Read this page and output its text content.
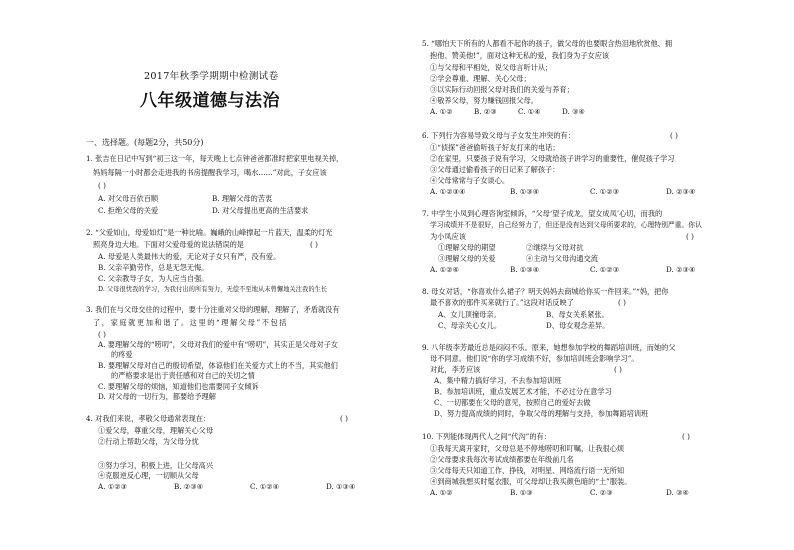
2017年秋季学期期中检测试卷
八年级道德与法治
一、选择题。(每题2分，共50分)
1. 张吉在日记中写到“初三这一年，每天晚上七点钟爸爸都准时把家里电视关掉，
妈妈每隔一小时都会走进我的书房提醒我学习，喝水……”对此，子女应该
( )
A. 对父母百依百顺	B. 理解父母的苦衷
C. 拒绝父母的关爱	D. 对父母提出更高的生活要求
2. “父爱如山，母爱如灯”是一种比喻。巍峨的山峰撑起一片蓝天，温柔的灯光
照亮身边大地。下面对父爱母爱的说法错误的是	( )
A. 母爱是人类最伟大的爱，无论对子女只有严，没有爱。
B. 父亲辛勤劳作，总是无怨无悔。
C. 父亲教导子女，为人应当自强。
D. 父母很忧我的学习，为我付出的所有努力，无偿不至地从未曾懈地关注我的生长
3. 我们在与父母交往的过程中，要十分注重对父母的理解，理解了，矛盾就没有
了，家庭就更加和谐了。这里的“理解父母”不包括
( )
A. 要理解父母的“唠叨”，父母对我们的爱中有“唠叨”，其实正是父母对子女
的疼爱
B. 要理解父母对自己的殷切希望，体谅他们在关爱方式上的不当，其实他们
的严格要求是出于责任感和对自己的关切之情
C. 要理解父母的烦恼，知道他们也需要同子女倾诉
D. 对父母的一切行为，都要给予理解
4. 对我们来说，孝敬父母通常表现在：	( )
①爱父母，尊重父母，理解关心父母
②行动上帮助父母，为父母分忧
③努力学习，积极上进，让父母高兴
④克服逆反心理，一切顺从父母
A. ①②③	B. ②③④	C. ①②④	D. ①③④
5. “哪怕天下所有的人都看不起你的孩子，做父母的也要眼含热泪地欣赏他、拥
抱他、赞美他!”，面对这种无私的爱，我们身为子女应该
①与父母和平相处，说父母言听计从；
②学会尊重、理解、关心父母；
③以实际行动回报父母对我们的关爱与养育；
④敬养父母，努力赚钱回报父母。
A. ①②	B. ②③	C. ①④	D. ③④
6. 下列行为容易导致父母与子女发生冲突的有：	( )
①“侦探”爸爸偷听孩子好友打来的电话；
②在家里，只要孩子说有学习，父母就给孩子讲学习的重要性，催促孩子学习
③父母通过偷看孩子的日记来了解孩子：
④父母常常与子女谈心。
A. ①②③④	B. ①③④	C. ①②③	D. ②③④
7. 中学生小凤到心理咨询室倾诉，“父母‘望子成龙，望女成凤’心切，而我的
学习成绩并不是很好，自己经努力了，但还是没有达到父母所要求的，心理特别严重。你认
为小凤应该	( )
①理解父母的期望	②继续与父母对抗
③理解父母的关爱	④主动与父母沟通交流
A. ①②④	B. ①③④	C. ①②③	D. ②③④
8. 母女对话，“你喜欢什么裙子？明天妈妈去商城给你买一件回来。”“妈，把你
最不喜欢的那件买来就行了。”这段对话反映了	( )
A、女儿顶撞母亲。	B、母女关系紧张。
C、母亲关心女儿。	D、母女观念差异。
9. 八年级李芳最近总是闷闷不乐。原来，她想参加学校的舞蹈培训班，而她的父
母不同意。他们说“你的学习成绩不好，参加培训班会影响学习”。
对此，李芳应该	( )
A、集中精力搞好学习，不去参加培训班
B、参加培训班，重点发展艺术才能，不必过分在意学习
C、一切都要在父母的意见，按照自己的爱好去做
D、努力提高成绩的同时，争取父母的理解与支持，参加舞蹈培训班
10. 下列能体现两代人之间“代沟”的有：	( )
①我每天离开家时，父母总是不停地唠叨和叮嘱，让我很心烦
②父母要求我每次考试成绩都要在年级前几名
③父母每天只知道工作、挣钱，对明星、网络流行语一无所知
④到商城我想买时髦衣服，可父母却让我买颜色暗的“土”服装。
A. ①②	B. ①③	C. ②③	D. ③④
